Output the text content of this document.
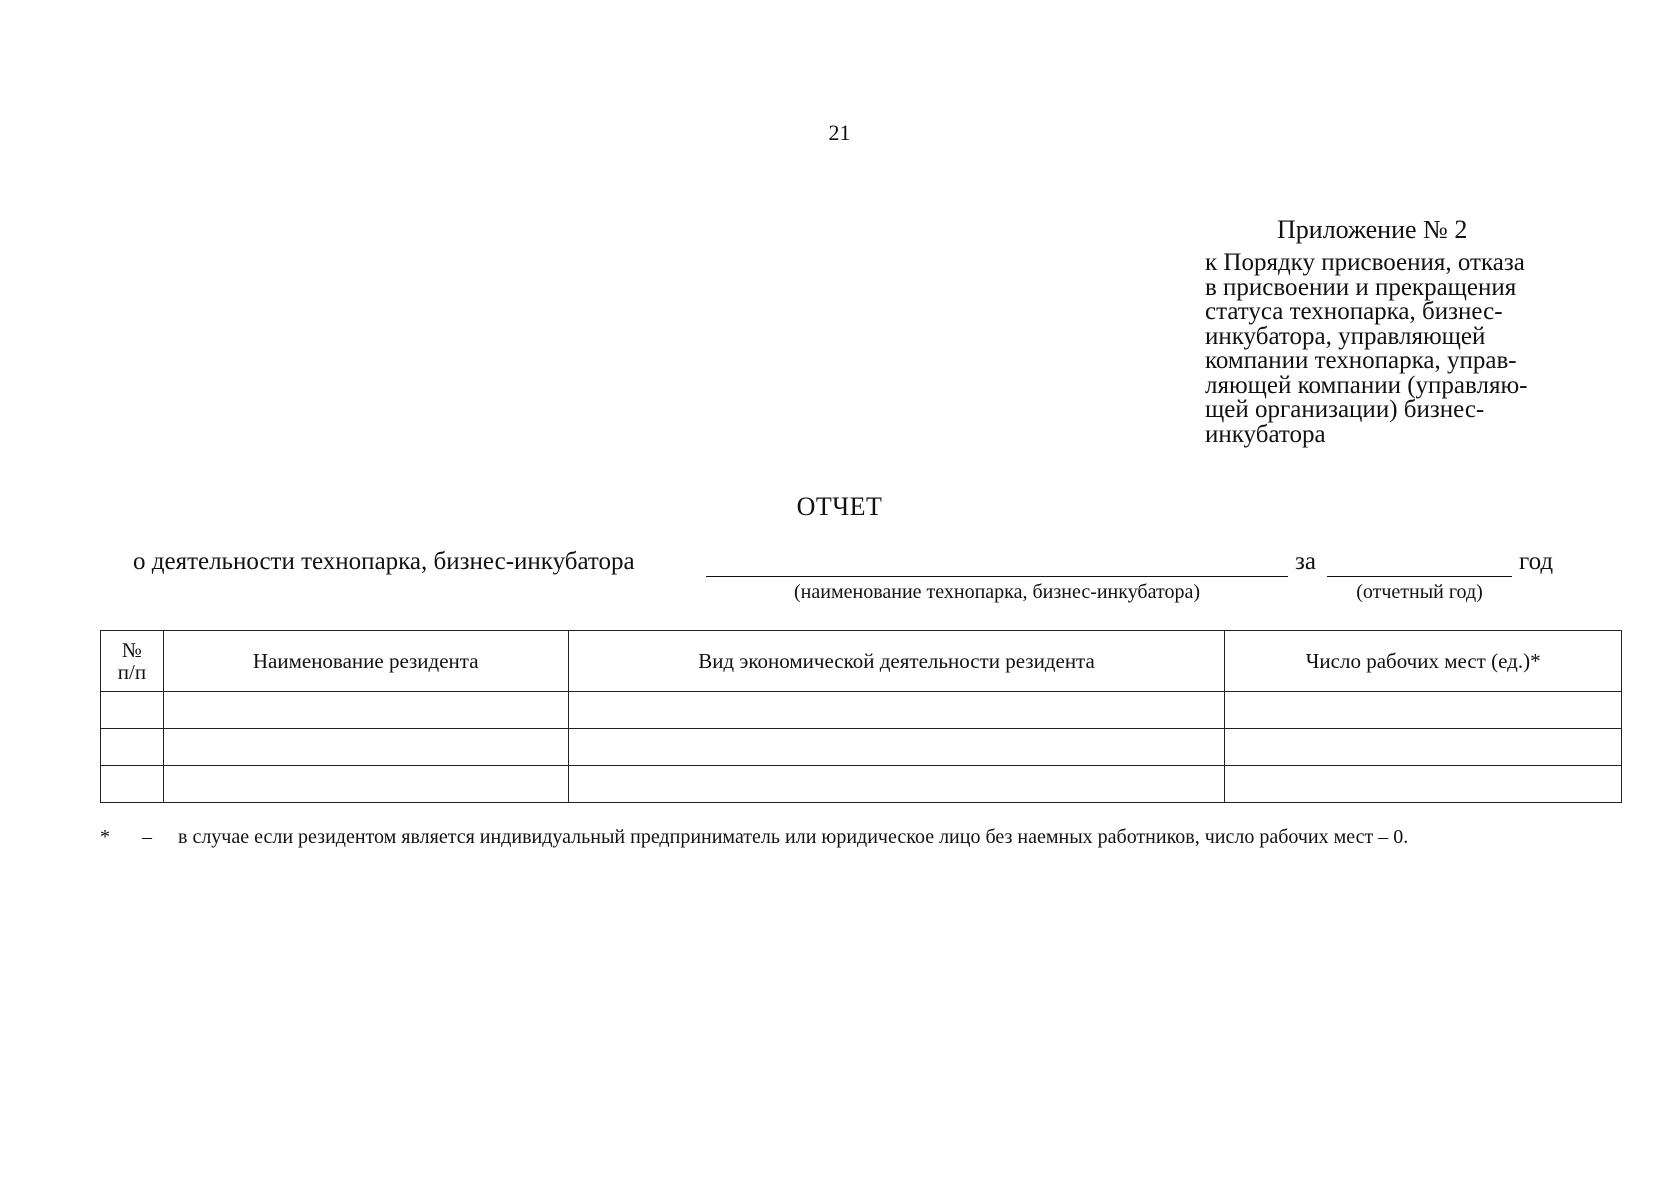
21
Приложение № 2
к Порядку присвоения, отказа
в присвоении и прекращения
статуса технопарка, бизнес-
инкубатора, управляющей
компании технопарка, управ-
ляющей компании (управляю-
щей организации) бизнес-
инкубатора
ОТЧЕТ
о деятельности технопарка, бизнес-инкубатора
(наименование технопарка, бизнес-инкубатора)
за
(отчетный год)
год
№
п/п	Наименование резидента	Вид экономической деятельности резидента	Число рабочих мест (ед.)*

* – в случае если резидентом является индивидуальный предприниматель или юридическое лицо без наемных работников, число рабочих мест – 0.
